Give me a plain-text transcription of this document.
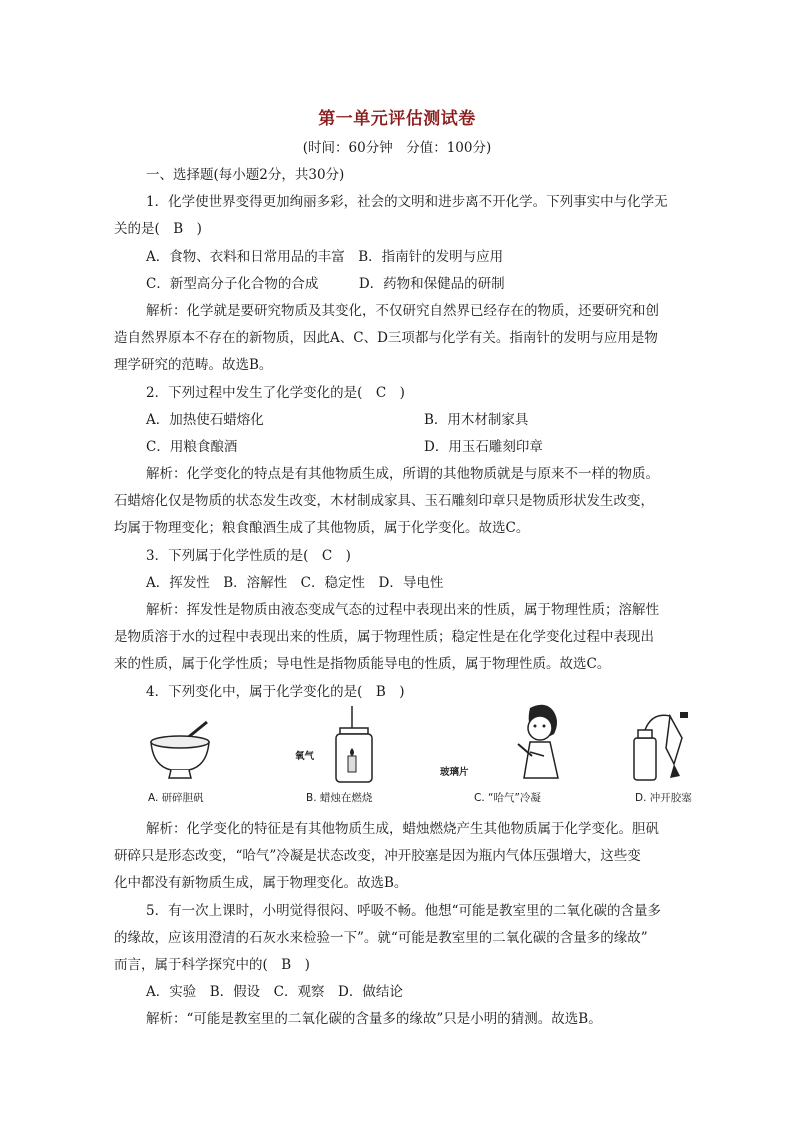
第一单元评估测试卷
(时间：60分钟　分值：100分)
一、选择题(每小题2分，共30分)
1．化学使世界变得更加绚丽多彩，社会的文明和进步离不开化学。下列事实中与化学无
关的是(　B　)
A．食物、衣料和日常用品的丰富　B．指南针的发明与应用
C．新型高分子化合物的合成　　　D．药物和保健品的研制
解析：化学就是要研究物质及其变化，不仅研究自然界已经存在的物质，还要研究和创
造自然界原本不存在的新物质，因此A、C、D三项都与化学有关。指南针的发明与应用是物
理学研究的范畴。故选B。
2．下列过程中发生了化学变化的是(　C　)
A．加热使石蜡熔化	B．用木材制家具
C．用粮食酿酒	D．用玉石雕刻印章
解析：化学变化的特点是有其他物质生成，所谓的其他物质就是与原来不一样的物质。
石蜡熔化仅是物质的状态发生改变，木材制成家具、玉石雕刻印章只是物质形状发生改变，
均属于物理变化；粮食酿酒生成了其他物质，属于化学变化。故选C。
3．下列属于化学性质的是(　C　)
A．挥发性　B．溶解性　C．稳定性　D．导电性
解析：挥发性是物质由液态变成气态的过程中表现出来的性质，属于物理性质；溶解性
是物质溶于水的过程中表现出来的性质，属于物理性质；稳定性是在化学变化过程中表现出
来的性质，属于化学性质；导电性是指物质能导电的性质，属于物理性质。故选C。
4．下列变化中，属于化学变化的是(　B　)
A. 研碎胆矾
氧气
B. 蜡烛在燃烧
玻璃片
C. “哈气”冷凝	D. 冲开胶塞
解析：化学变化的特征是有其他物质生成，蜡烛燃烧产生其他物质属于化学变化。胆矾
研碎只是形态改变，“哈气”冷凝是状态改变，冲开胶塞是因为瓶内气体压强增大，这些变
化中都没有新物质生成，属于物理变化。故选B。
5．有一次上课时，小明觉得很闷、呼吸不畅。他想“可能是教室里的二氧化碳的含量多
的缘故，应该用澄清的石灰水来检验一下”。就“可能是教室里的二氧化碳的含量多的缘故”
而言，属于科学探究中的(　B　)
A．实验　B．假设　C．观察　D．做结论
解析：“可能是教室里的二氧化碳的含量多的缘故”只是小明的猜测。故选B。
